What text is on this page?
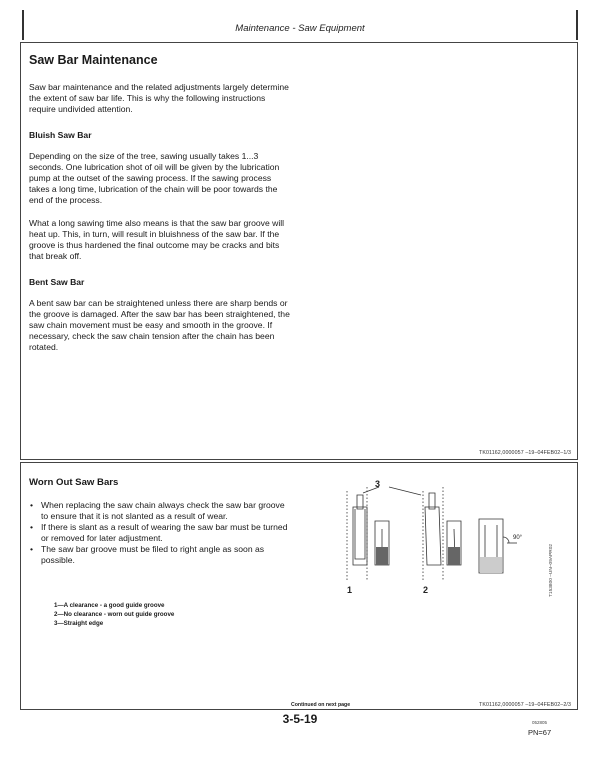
Maintenance - Saw Equipment
Saw Bar Maintenance
Saw bar maintenance and the related adjustments largely determine the extent of saw bar life. This is why the following instructions require undivided attention.
Bluish Saw Bar
Depending on the size of the tree, sawing usually takes 1...3 seconds. One lubrication shot of oil will be given by the lubrication pump at the outset of the sawing process. If the sawing process takes a long time, lubrication of the chain will be poor towards the end of the process.
What a long sawing time also means is that the saw bar groove will heat up. This, in turn, will result in bluishness of the saw bar. If the groove is thus hardened the final outcome may be cracks and bits that break off.
Bent Saw Bar
A bent saw bar can be straightened unless there are sharp bends or the groove is damaged. After the saw bar has been straightened, the saw chain movement must be easy and smooth in the groove. If necessary, check the saw chain tension after the chain has been rotated.
TK01162,0000057 –19–04FEB02–1/3
Worn Out Saw Bars
• When replacing the saw chain always check the saw bar groove to ensure that it is not slanted as a result of wear.
• If there is slant as a result of wearing the saw bar must be turned or removed for later adjustment.
• The saw bar groove must be filed to right angle as soon as possible.
1—A clearance - a good guide groove
2—No clearance - worn out guide groove
3—Straight edge
3
1	2
90°
T153800 –UN–09APR02
Continued on next page	TK01162,0000057 –19–04FEB02–2/3
3-5-19	052805
PN=67
